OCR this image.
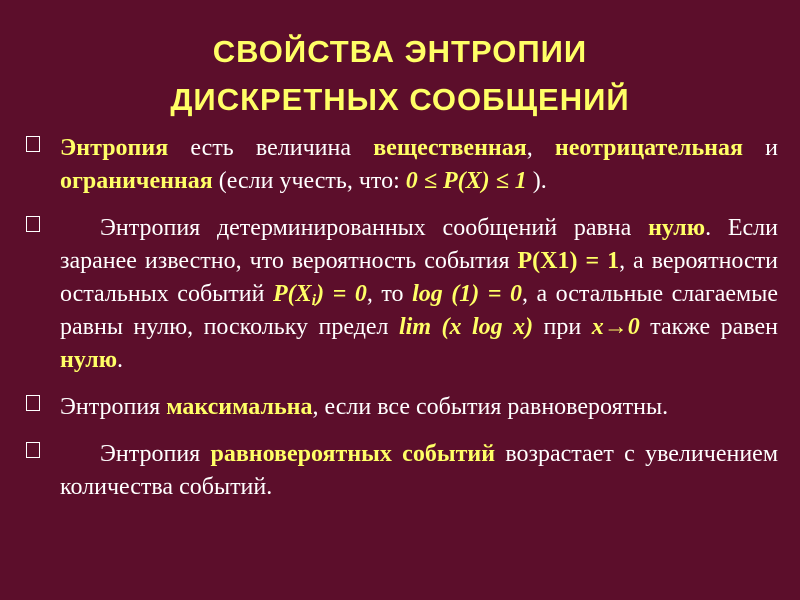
СВОЙСТВА ЭНТРОПИИ
ДИСКРЕТНЫХ СООБЩЕНИЙ
Энтропия есть величина вещественная, неотрицательная и ограниченная (если учесть, что: 0 ≤ P(X) ≤ 1 ).
Энтропия детерминированных сообщений равна нулю. Если заранее известно, что вероятность события P(X1) = 1, а вероятности остальных событий $P(X_i) = 0$, то log (1) = 0, а остальные слагаемые равны нулю, поскольку предел lim (x log x) при x→0 также равен нулю.
Энтропия максимальна, если все события равновероятны.
Энтропия равновероятных событий возрастает с увеличением количества событий.
